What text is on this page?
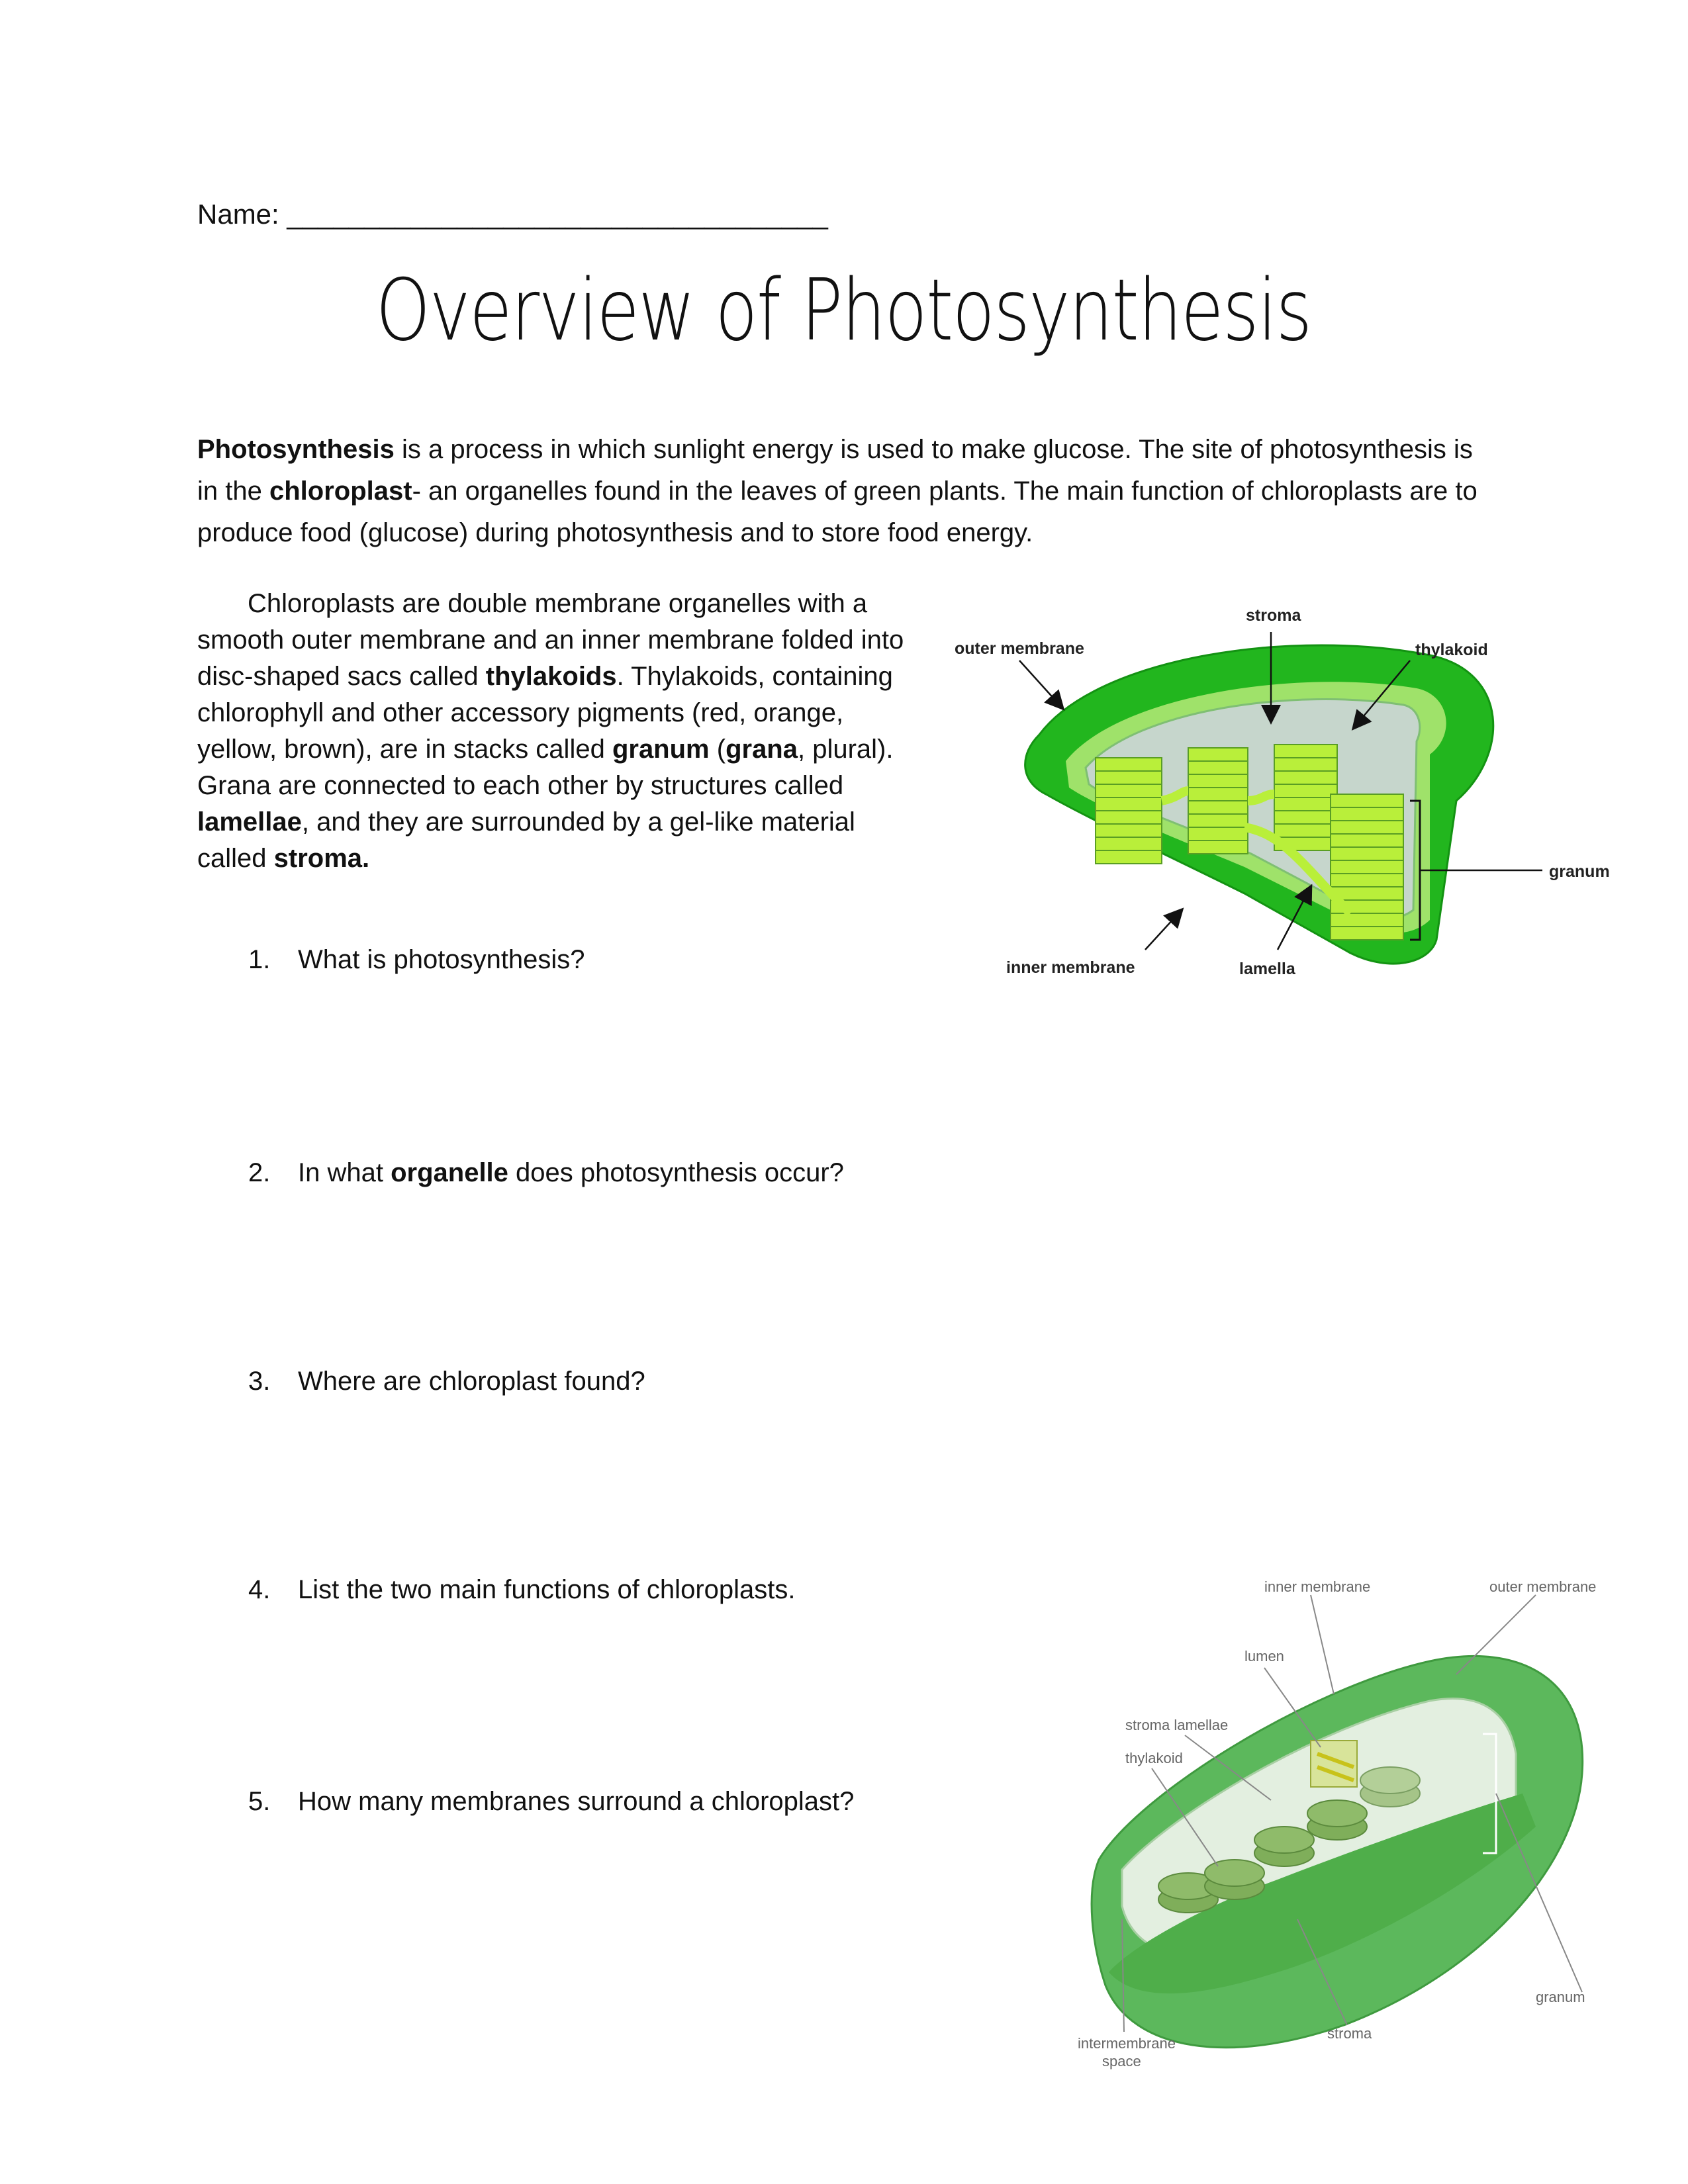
Name: ___________________________________
Overview of Photosynthesis
Photosynthesis is a process in which sunlight energy is used to make glucose. The site of photosynthesis is in the chloroplast- an organelles found in the leaves of green plants. The main function of chloroplasts are to produce food (glucose) during photosynthesis and to store food energy.
Chloroplasts are double membrane organelles with a smooth outer membrane and an inner membrane folded into disc-shaped sacs called thylakoids. Thylakoids, containing chlorophyll and other accessory pigments (red, orange, yellow, brown), are in stacks called granum (grana, plural). Grana are connected to each other by structures called lamellae, and they are surrounded by a gel-like material called stroma.
1. What is photosynthesis?
2. In what organelle does photosynthesis occur?
3. Where are chloroplast found?
4. List the two main functions of chloroplasts.
5. How many membranes surround a chloroplast?
stroma
outer membrane	thylakoid
granum
inner membrane	lamella
inner membrane	outer membrane
lumen
stroma lamellae
thylakoid
granum
stroma
intermembrane
space
